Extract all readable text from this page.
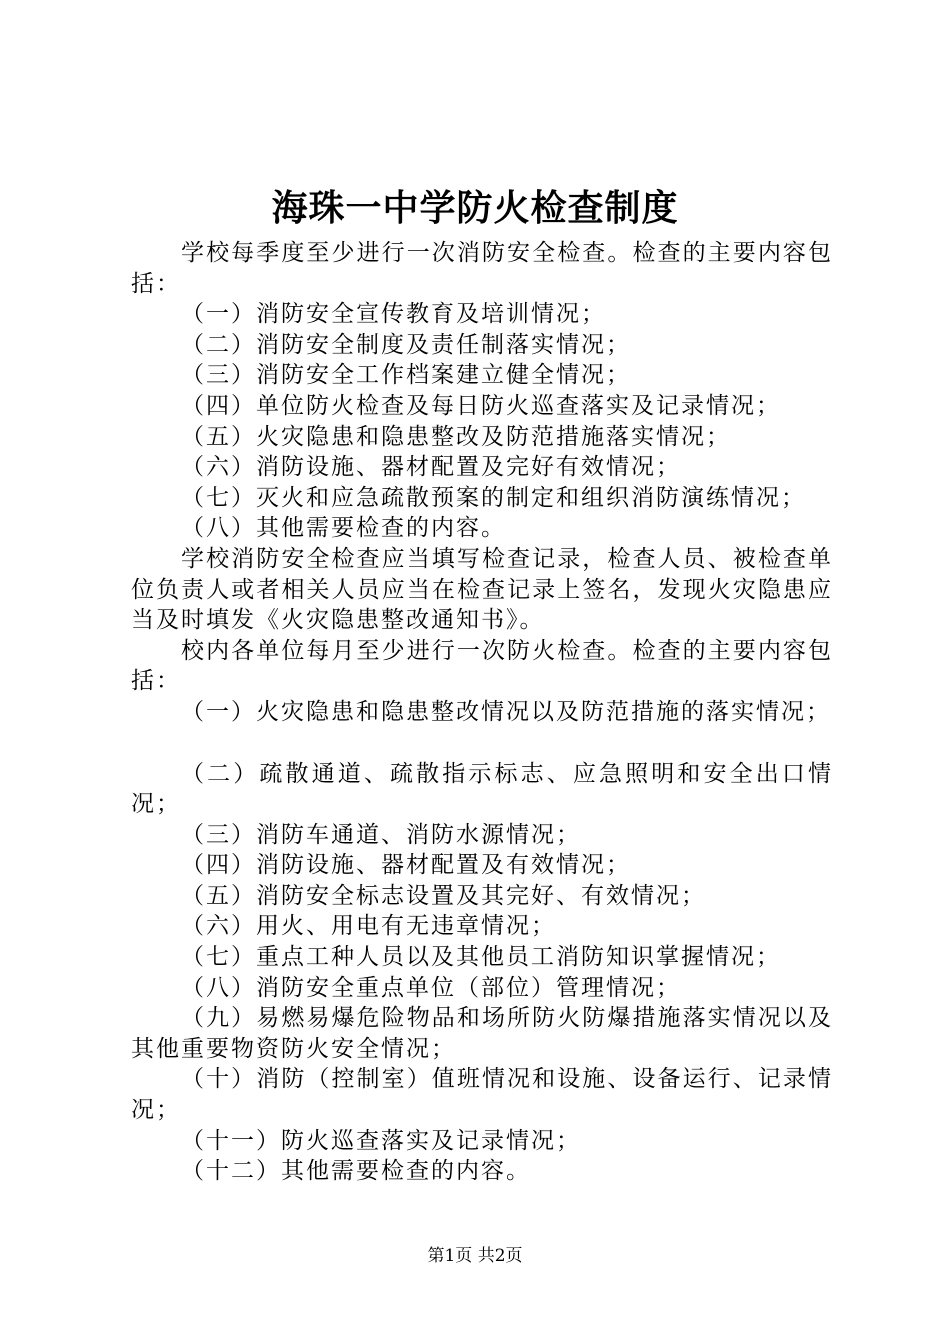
海珠一中学防火检查制度

学校每季度至少进行一次消防安全检查。检查的主要内容包括：

（一）消防安全宣传教育及培训情况；

（二）消防安全制度及责任制落实情况；

（三）消防安全工作档案建立健全情况；

（四）单位防火检查及每日防火巡查落实及记录情况；

（五）火灾隐患和隐患整改及防范措施落实情况；

（六）消防设施、器材配置及完好有效情况；

（七）灭火和应急疏散预案的制定和组织消防演练情况；

（八）其他需要检查的内容。

学校消防安全检查应当填写检查记录，检查人员、被检查单位负责人或者相关人员应当在检查记录上签名，发现火灾隐患应当及时填发《火灾隐患整改通知书》。

校内各单位每月至少进行一次防火检查。检查的主要内容包括：

（一）火灾隐患和隐患整改情况以及防范措施的落实情况；

（二）疏散通道、疏散指示标志、应急照明和安全出口情况；

（三）消防车通道、消防水源情况；

（四）消防设施、器材配置及有效情况；

（五）消防安全标志设置及其完好、有效情况；

（六）用火、用电有无违章情况；

（七）重点工种人员以及其他员工消防知识掌握情况；

（八）消防安全重点单位（部位）管理情况；

（九）易燃易爆危险物品和场所防火防爆措施落实情况以及其他重要物资防火安全情况；

（十）消防（控制室）值班情况和设施、设备运行、记录情况；

（十一）防火巡查落实及记录情况；

（十二）其他需要检查的内容。

第1页 共2页
